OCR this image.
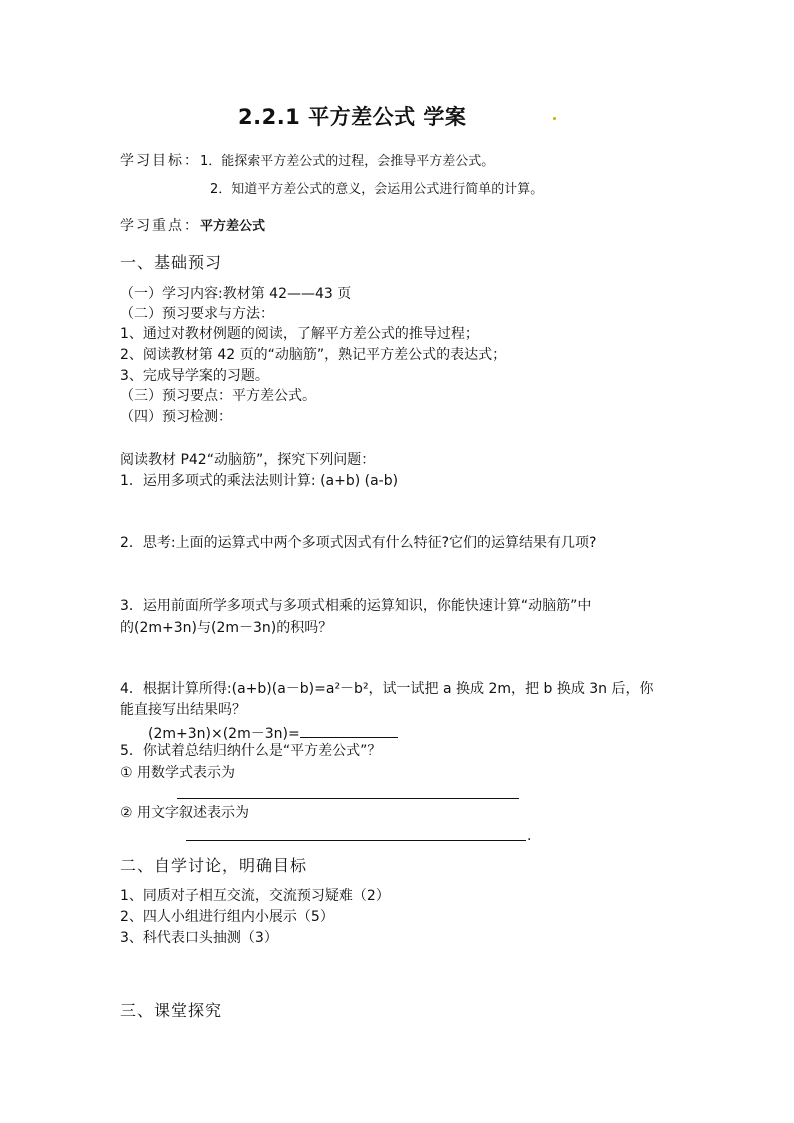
2.2.1 平方差公式 学案
学习目标：1．能探索平方差公式的过程，会推导平方差公式。
2．知道平方差公式的意义，会运用公式进行简单的计算。
学习重点：平方差公式
一、基础预习
（一）学习内容:教材第 42——43 页
（二）预习要求与方法：
1、通过对教材例题的阅读，了解平方差公式的推导过程；
2、阅读教材第 42 页的“动脑筋”，熟记平方差公式的表达式；
3、完成导学案的习题。
（三）预习要点：平方差公式。
（四）预习检测：
阅读教材 P42“动脑筋”，探究下列问题：
1．运用多项式的乘法法则计算: (a+b) (a-b)
2．思考:上面的运算式中两个多项式因式有什么特征?它们的运算结果有几项?
3．运用前面所学多项式与多项式相乘的运算知识，你能快速计算“动脑筋”中
的(2m+3n)与(2m－3n)的积吗？
4．根据计算所得:(a+b)(a－b)=a²－b²，试一试把 a 换成 2m，把 b 换成 3n 后，你
能直接写出结果吗？
(2m+3n)×(2m－3n)=
5．你试着总结归纳什么是“平方差公式”？
① 用数学式表示为
② 用文字叙述表示为
.
二、自学讨论，明确目标
1、同质对子相互交流，交流预习疑难（2）
2、四人小组进行组内小展示（5）
3、科代表口头抽测（3）
三、课堂探究
